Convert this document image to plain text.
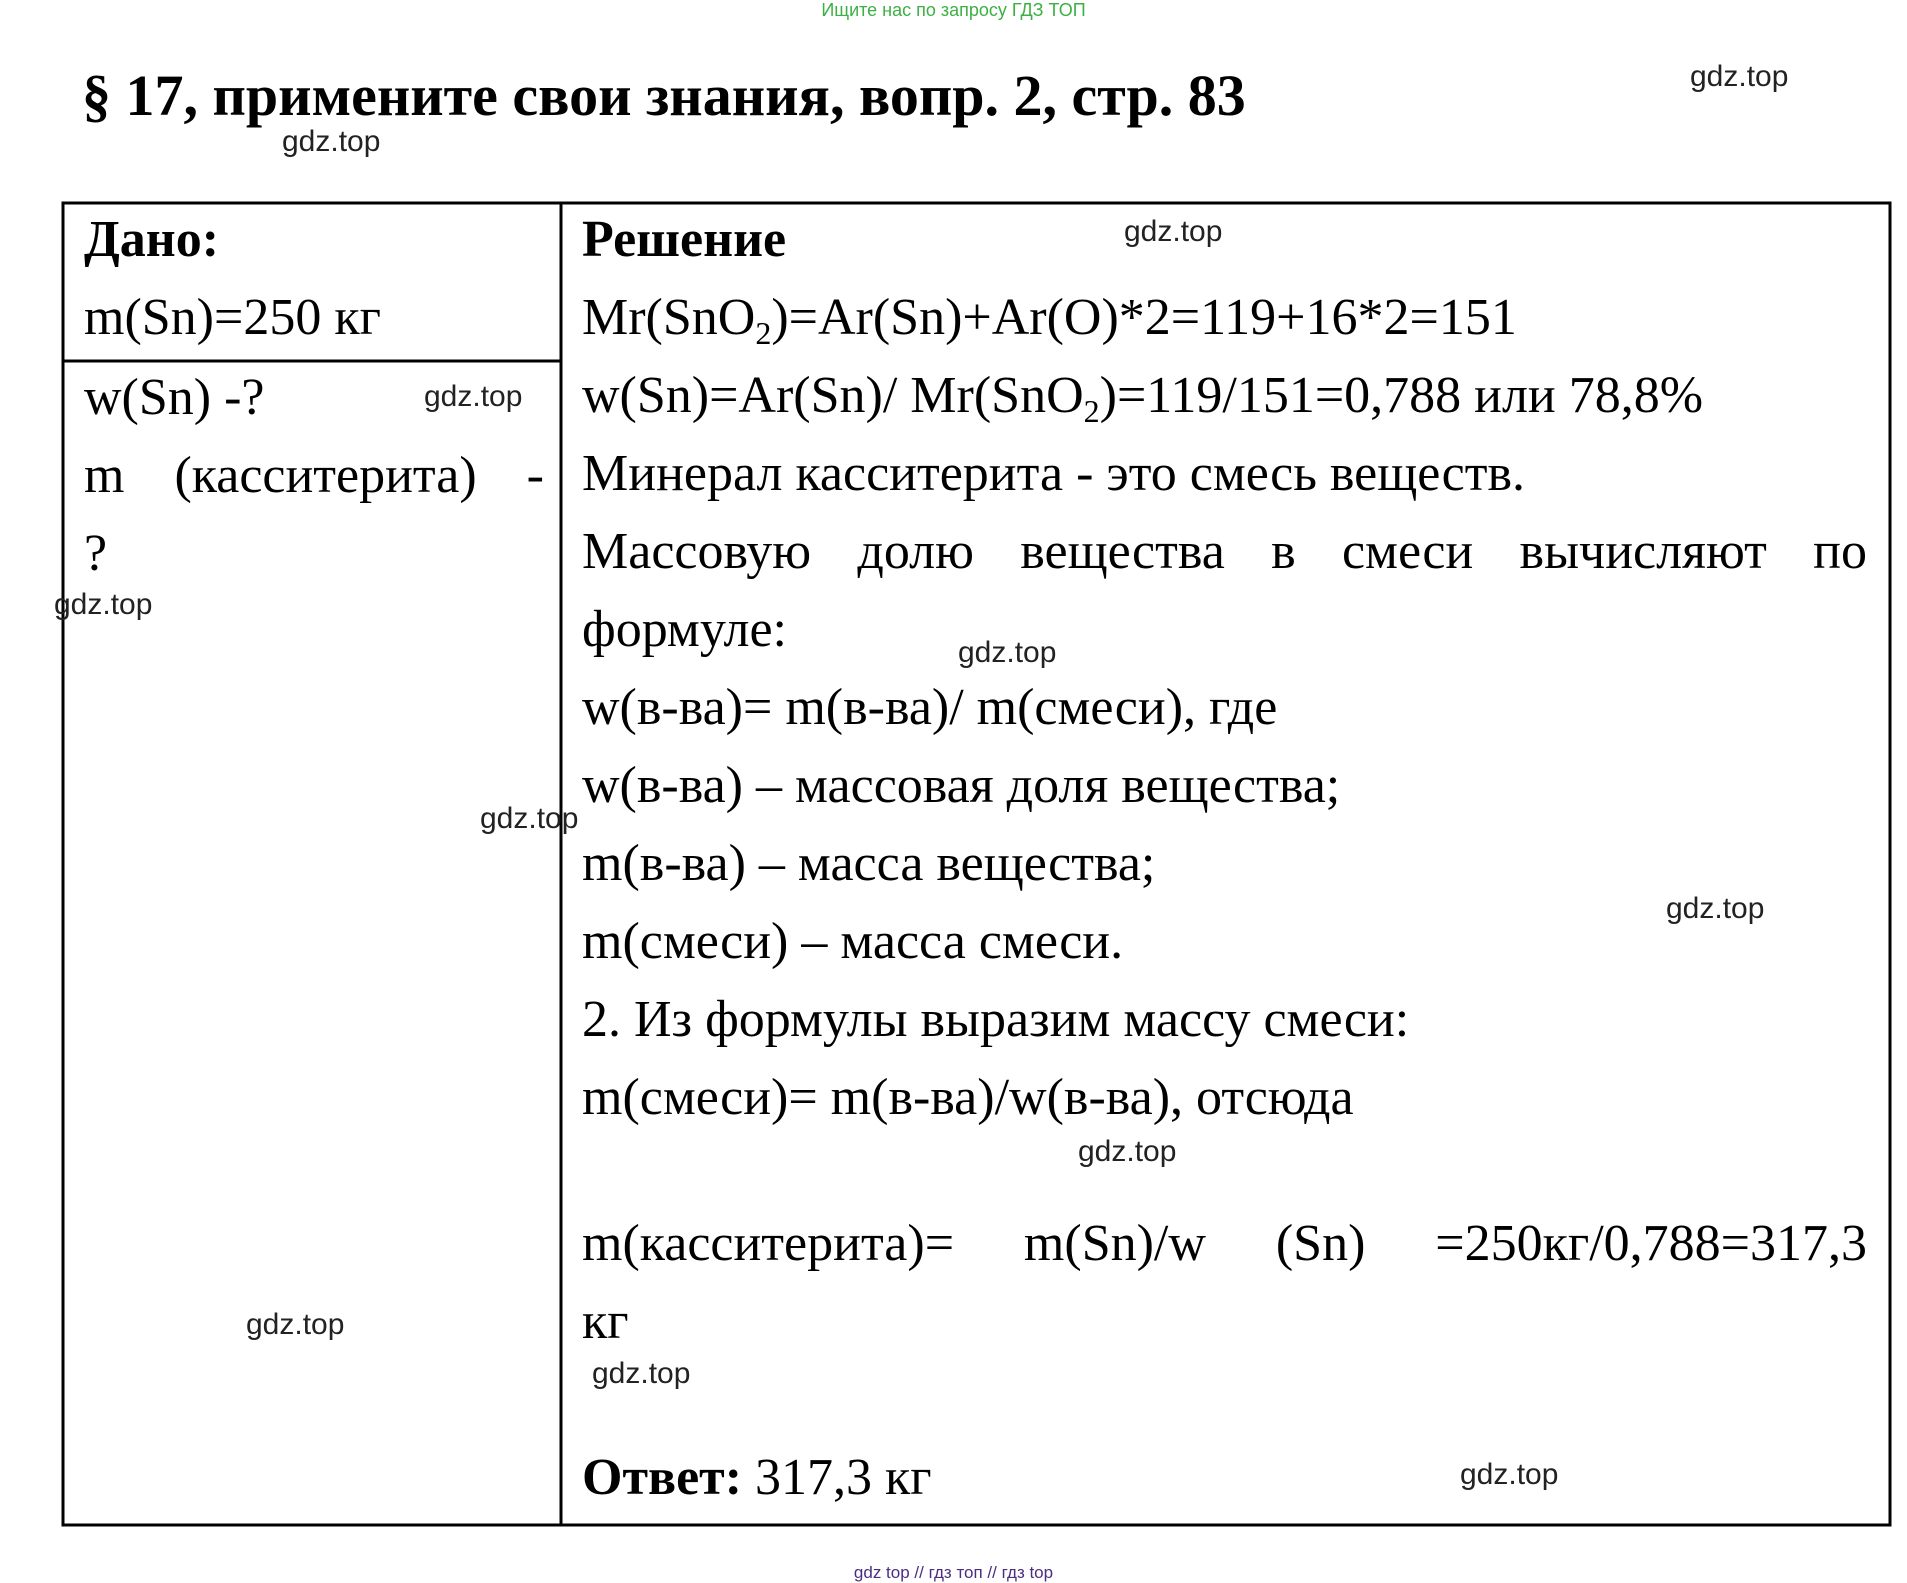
Ищите нас по запросу ГДЗ ТОП
§ 17, примените свои знания, вопр. 2, стр. 83
Дано:
m(Sn)=250 кг
w(Sn) -?
m (касситерита) -
?
Решение
Mr(SnO$_2$)=Ar(Sn)+Ar(O)*2=119+16*2=151
w(Sn)=Ar(Sn)/ Mr(SnO$_2$)=119/151=0,788 или 78,8%
Минерал касситерита - это смесь веществ.
Массовую долю вещества в смеси вычисляют по
формуле:
w(в-ва)= m(в-ва)/ m(смеси), где
w(в-ва) – массовая доля вещества;
m(в-ва) – масса вещества;
m(смеси) – масса смеси.
2. Из формулы выразим массу смеси:
m(смеси)= m(в-ва)/w(в-ва), отсюда
m(касситерита)= m(Sn)/w (Sn) =250кг/0,788=317,3
кг
Ответ: 317,3 кг
gdz.top
gdz.top
gdz.top
gdz.top
gdz.top
gdz.top
gdz.top
gdz.top
gdz.top
gdz.top
gdz.top
gdz.top
gdz top // гдз топ // гдз top
